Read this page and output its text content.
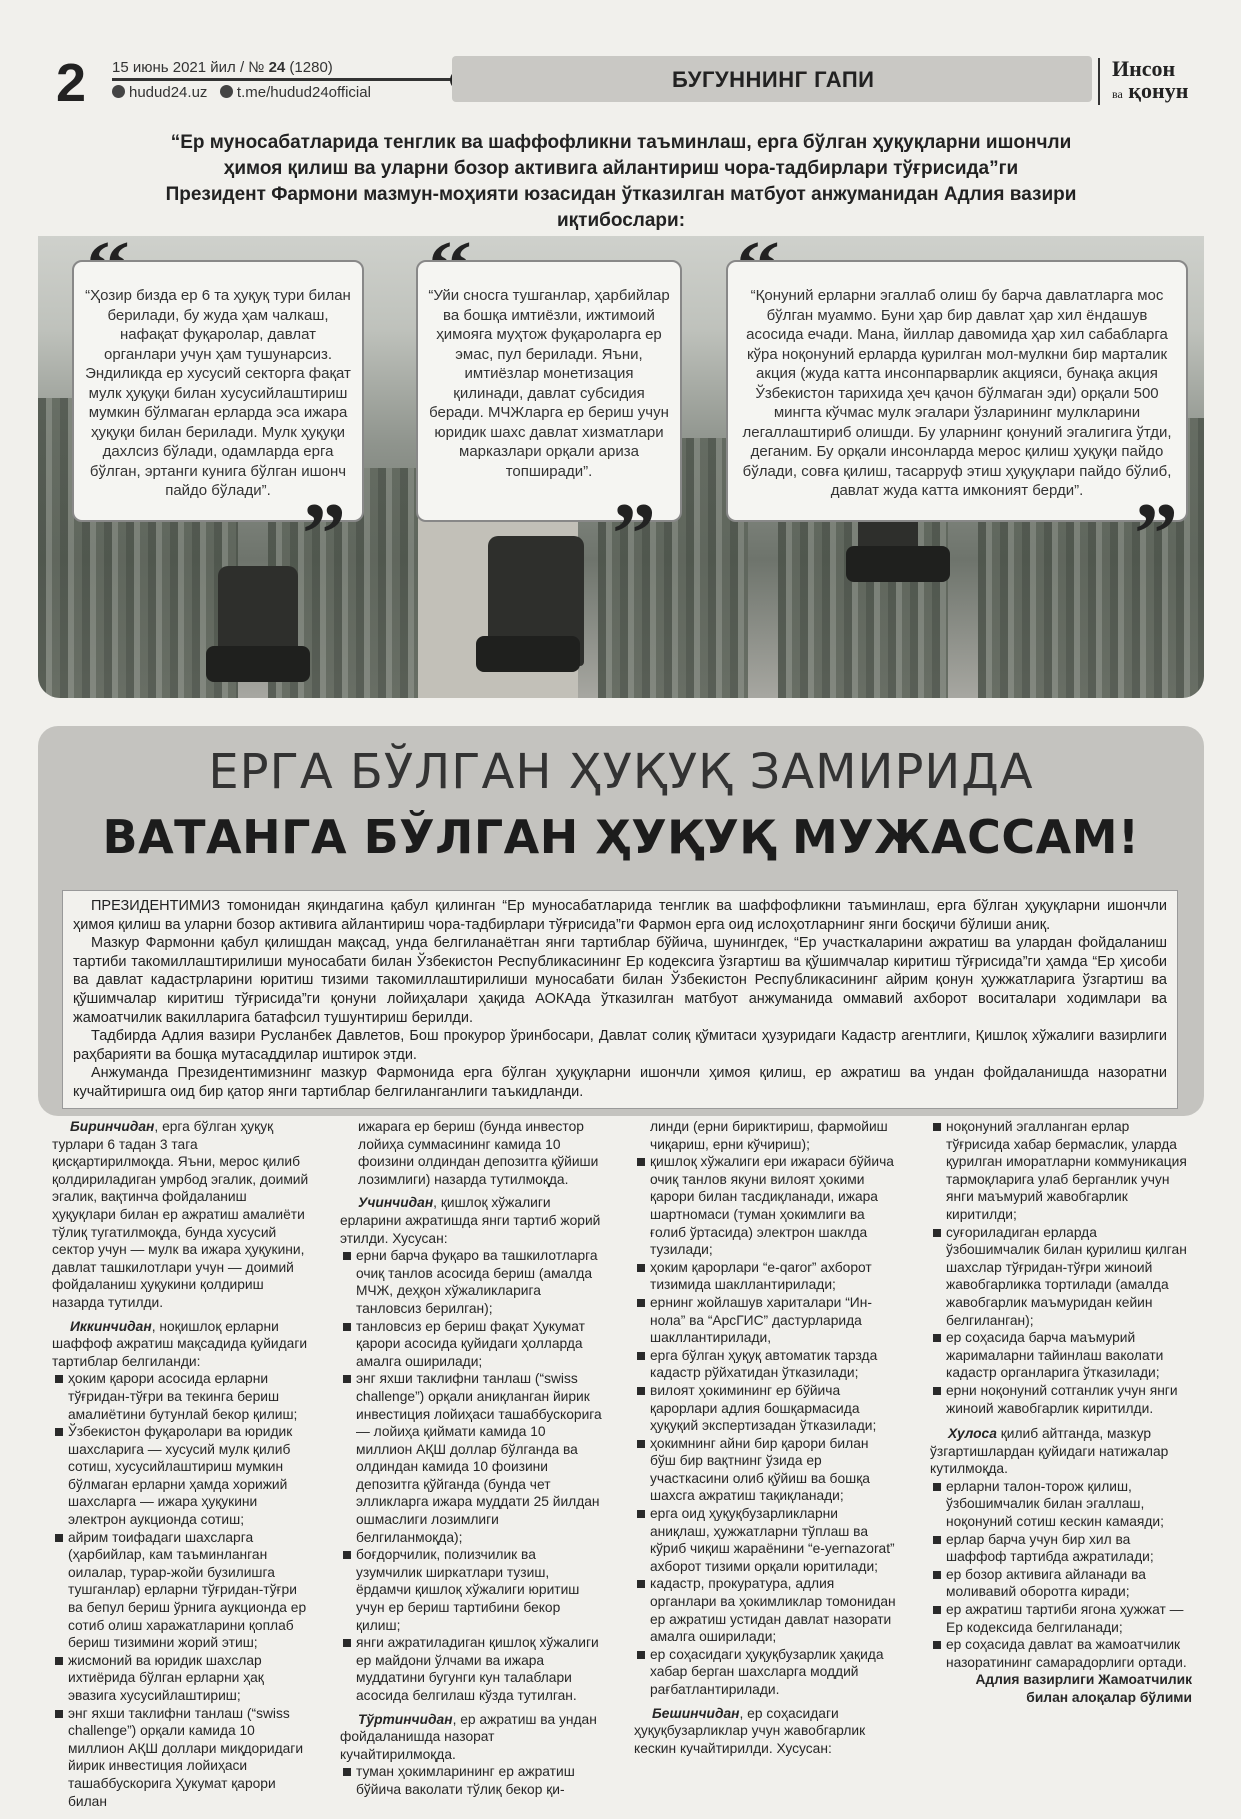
2 15 июнь 2021 йил / № 24 (1280)
hudud24.uz t.me/hudud24official
БУГУННИНГ ГАПИ	Инсон
ва қонун
“Ер муносабатларида тенглик ва шаффофликни таъминлаш, ерга бўлган ҳуқуқларни ишончли
ҳимоя қилиш ва уларни бозор активига айлантириш чора-тадбирлари тўғрисида”ги
Президент Фармони мазмун-моҳияти юзасидан ўтказилган матбуот анжуманидан Адлия вазири
иқтибослари:
“Ҳозир бизда ер 6 та ҳуқуқ тури билан берилади, бу жуда ҳам чалкаш, нафақат фуқаролар, давлат органлари учун ҳам тушунарсиз. Эндиликда ер хусусий секторга фақат мулк ҳуқуқи билан хусусийлаштириш мумкин бўлмаган ерларда эса ижара ҳуқуқи билан берилади. Мулк ҳуқуқи дахлсиз бўлади, одамларда ерга бўлган, эртанги кунига бўлган ишонч пайдо бўлади”. ”
“Уйи сносга тушганлар, ҳарбийлар ва бошқа имтиёзли, ижтимоий ҳимояга муҳтож фуқароларга ер эмас, пул берилади. Яъни, имтиёзлар монетизация қилинади, давлат субсидия беради. МЧЖларга ер бериш учун юридик шахс давлат хизматлари марказлари орқали ариза топширади”.
”
“Қонуний ерларни эгаллаб олиш бу барча давлатларга мос бўлган муаммо. Буни ҳар бир давлат ҳар хил ёндашув асосида ечади. Мана, йиллар давомида ҳар хил сабабларга кўра ноқонуний ерларда қурилган мол-мулкни бир марталик акция (жуда катта инсонпарварлик акцияси, бунақа акция Ўзбекистон тарихида ҳеч қачон бўлмаган эди) орқали 500 мингта кўчмас мулк эгалари ўзларининг мулкларини легаллаштириб олишди. Бу уларнинг қонуний эгалигига ўтди, деганим. Бу орқали инсонларда мерос қилиш ҳуқуқи пайдо бўлади, совға қилиш, тасарруф этиш ҳуқуқлари пайдо бўлиб, давлат жуда катта имконият берди”. ”
ЕРГА БЎЛГАН ҲУҚУҚ ЗАМИРИДА
ВАТАНГА БЎЛГАН ҲУҚУҚ МУЖАССАМ!

ПРЕЗИДЕНТИМИЗ томонидан яқиндагина қабул қилинган “Ер муносабатларида тенглик ва шаффофликни таъминлаш, ерга бўлган ҳуқуқларни ишончли ҳимоя қилиш ва уларни бозор активига айлантириш чора-тадбирлари тўғрисида”ги Фармон ерга оид ислоҳотларнинг янги босқичи бўлиши аниқ.

Мазкур Фармонни қабул қилишдан мақсад, унда белгиланаётган янги тартиблар бўйича, шунингдек, “Ер участкаларини ажратиш ва улардан фойдаланиш тартиби такомиллаштирилиши муносабати билан Ўзбекистон Республикасининг Ер кодексига ўзгартиш ва қўшимчалар киритиш тўғрисида”ги ҳамда “Ер ҳисоби ва давлат кадастрларини юритиш тизими такомиллаштирилиши муносабати билан Ўзбекистон Республикасининг айрим қонун ҳужжатларига ўзгартиш ва қўшимчалар киритиш тўғрисида”ги қонуни лойиҳалари ҳақида АОКАда ўтказилган матбуот анжуманида оммавий ахборот воситалари ходимлари ва жамоатчилик вакилларига батафсил тушунтириш берилди.

Тадбирда Адлия вазири Русланбек Давлетов, Бош прокурор ўринбосари, Давлат солиқ қўмитаси ҳузуридаги Кадастр агентлиги, Қишлоқ хўжалиги вазирлиги раҳбарияти ва бошқа мутасаддилар иштирок этди.

Анжуманда Президентимизнинг мазкур Фармонида ерга бўлган ҳуқуқларни ишончли ҳимоя қилиш, ер ажратиш ва ундан фойдаланишда назоратни кучайтиришга оид бир қатор янги тартиблар белгиланганлиги таъкидланди.

Биринчидан, ерга бўлган ҳуқуқ турлари 6 тадан 3 тага қисқартирилмоқда. Яъни, мерос қилиб қолдириладиган умрбод эгалик, доимий эгалик, вақтинча фойдаланиш ҳуқуқлари билан ер ажратиш амалиёти тўлиқ тугатилмоқда, бунда хусусий сектор учун — мулк ва ижара ҳуқукини, давлат ташкилотлари учун — доимий фойдаланиш ҳуқукини қолдириш назарда тутилди.

Иккинчидан, ноқишлоқ ерларни шаффоф ажратиш мақсадида қуйидаги тартиблар белгиланди:

ҳоким қарори асосида ерларни тўғридан-тўғри ва текинга бериш амалиётини бутунлай бекор қилиш;
Ўзбекистон фуқаролари ва юридик шахсларига — хусусий мулк қилиб сотиш, хусусийлаштириш мумкин бўлмаган ерларни ҳамда хорижий шахсларга — ижара ҳуқукини электрон аукционда сотиш;
айрим тоифадаги шахсларга (ҳарбийлар, кам таъминланган оилалар, турар-жойи бузилишга тушганлар) ерларни тўғридан-тўғри ва бепул бериш ўрнига аукционда ер сотиб олиш харажатларини қоплаб бериш тизимини жорий этиш;
жисмоний ва юридик шахслар ихтиёрида бўлган ерларни ҳақ эвазига хусусийлаштириш;
энг яхши таклифни танлаш (“swiss challenge”) орқали камида 10 миллион АҚШ доллари миқдоридаги йирик инвестиция лойиҳаси ташаббускорига Ҳукумат қарори билан

ижарага ер бериш (бунда инвестор лойиҳа суммасининг камида 10 фоизини олдиндан депозитга қўйиши лозимлиги) назарда тутилмоқда.

Учинчидан, қишлоқ хўжалиги ерларини ажратишда янги тартиб жорий этилди. Хусусан:

ерни барча фуқаро ва ташкилотларга очиқ танлов асосида бериш (амалда МЧЖ, деҳқон хўжаликларига танловсиз берилган);
танловсиз ер бериш фақат Ҳукумат қарори асосида қуйидаги ҳолларда амалга оширилади;
энг яхши таклифни танлаш (“swiss challenge”) орқали аниқланган йирик инвестиция лойиҳаси ташаббускорига — лойиҳа қиймати камида 10 миллион АҚШ доллар бўлганда ва олдиндан камида 10 фоизини депозитга қўйганда (бунда чет элликларга ижара муддати 25 йилдан ошмаслиги лозимлиги белгиланмоқда);
боғдорчилик, полизчилик ва узумчилик ширкатлари тузиш, ёрдамчи қишлоқ хўжалиги юритиш учун ер бериш тартибини бекор қилиш;
янги ажратиладиган қишлоқ хўжалиги ер майдони ўлчами ва ижара муддатини бугунги кун талаблари асосида белгилаш кўзда тутилган.

Тўртинчидан, ер ажратиш ва ундан фойдаланишда назорат кучайтирилмоқда.

туман ҳокимларининг ер ажратиш бўйича ваколати тўлиқ бекор қи-

линди (ерни бириктириш, фармойиш чиқариш, ерни кўчириш);

қишлоқ хўжалиги ери ижараси бўйича очиқ танлов якуни вилоят ҳокими қарори билан тасдиқланади, ижара шартномаси (туман ҳокимлиги ва ғолиб ўртасида) электрон шаклда тузилади;
ҳоким қарорлари “e-qaror” ахборот тизимида шакллантирилади;
ернинг жойлашув хариталари “Ин-нола” ва “АрсГИС” дастурларида шакллантирилади,
ерга бўлган ҳуқуқ автоматик тарзда кадастр рўйхатидан ўтказилади;
вилоят ҳокимининг ер бўйича қарорлари адлия бошқармасида ҳуқуқий экспертизадан ўтказилади;
ҳокимнинг айни бир қарори билан бўш бир вақтнинг ўзида ер участкасини олиб қўйиш ва бошқа шахсга ажратиш тақиқланади;
ерга оид ҳуқуқбузарликларни аниқлаш, ҳужжатларни тўплаш ва кўриб чиқиш жараёнини “e-yernazorat” ахборот тизими орқали юритилади;
кадастр, прокуратура, адлия органлари ва ҳокимликлар томонидан ер ажратиш устидан давлат назорати амалга оширилади;
ер соҳасидаги ҳуқуқбузарлик ҳақида хабар берган шахсларга моддий рағбатлантирилади.

Бешинчидан, ер соҳасидаги ҳуқуқбузарликлар учун жавобгарлик кескин кучайтирилди. Хусусан:

ноқонуний эгалланган ерлар тўғрисида хабар бермаслик, уларда қурилган иморатларни коммуникация тармоқларига улаб берганлик учун янги маъмурий жавобгарлик киритилди;
суғориладиган ерларда ўзбошимчалик билан қурилиш қилган шахслар тўғридан-тўғри жиноий жавобгарликка тортилади (амалда жавобгарлик маъмуридан кейин белгиланган);
ер соҳасида барча маъмурий жарималарни тайинлаш ваколати кадастр органларига ўтказилади;
ерни ноқонуний сотганлик учун янги жиноий жавобгарлик киритилди.

Хулоса қилиб айтганда, мазкур ўзгартишлардан қуйидаги натижалар кутилмоқда.

ерларни талон-торож қилиш, ўзбошимчалик билан эгаллаш, ноқонуний сотиш кескин камаяди;
ерлар барча учун бир хил ва шаффоф тартибда ажратилади;
ер бозор активига айланади ва моливавий оборотга киради;
ер ажратиш тартиби ягона ҳужжат — Ер кодексида белгиланади;
ер соҳасида давлат ва жамоатчилик назоратининг самарадорлиги ортади.

Адлия вазирлиги Жамоатчилик

билан алоқалар бўлими
